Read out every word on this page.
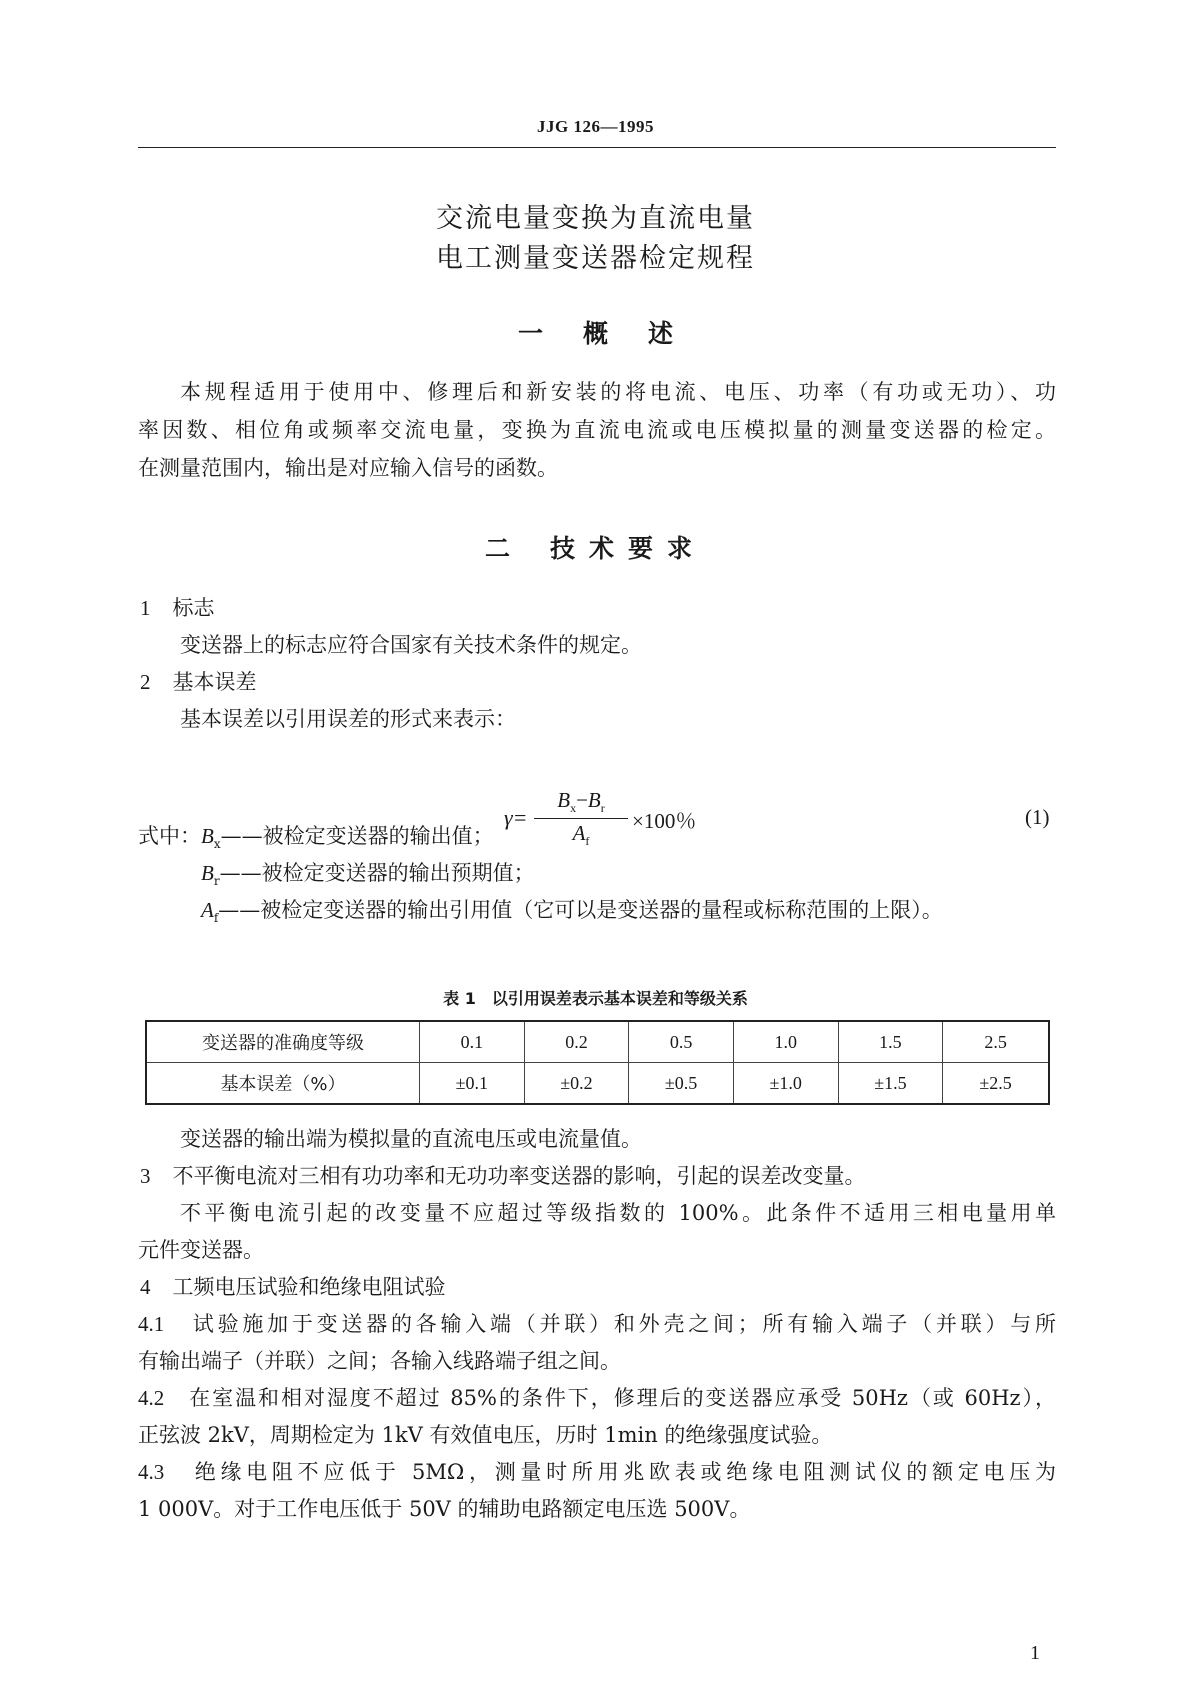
JJG 126—1995
交流电量变换为直流电量
电工测量变送器检定规程
一 概 述
本规程适用于使用中、修理后和新安装的将电流、电压、功率（有功或无功）、功
率因数、相位角或频率交流电量，变换为直流电流或电压模拟量的测量变送器的检定。
在测量范围内，输出是对应输入信号的函数。
二 技术要求
1 标志
变送器上的标志应符合国家有关技术条件的规定。
2 基本误差
基本误差以引用误差的形式来表示：
$\gamma= \frac{B_x-B_r}{A_f} \times 100$％	(1)
式中：$B_x——$被检定变送器的输出值；
$B_r——$被检定变送器的输出预期值；
$A_f——$被检定变送器的输出引用值（它可以是变送器的量程或标称范围的上限）。
表 1　以引用误差表示基本误差和等级关系
变送器的准确度等级	0.1	0.2	0.5	1.0	1.5	2.5
基本误差（%）	±0.1	±0.2	±0.5	±1.0	±1.5	±2.5
变送器的输出端为模拟量的直流电压或电流量值。
3 不平衡电流对三相有功功率和无功功率变送器的影响，引起的误差改变量。
不平衡电流引起的改变量不应超过等级指数的 100%。此条件不适用三相电量用单
元件变送器。
4 工频电压试验和绝缘电阻试验
4.1　 试验施加于变送器的各输入端（并联）和外壳之间；所有输入端子（并联）与所
有输出端子（并联）之间；各输入线路端子组之间。
4.2　 在室温和相对湿度不超过 85%的条件下，修理后的变送器应承受 50Hz（或 60Hz），
正弦波 2kV，周期检定为 1kV 有效值电压，历时 1min 的绝缘强度试验。
4.3　 绝缘电阻不应低于 5MΩ，测量时所用兆欧表或绝缘电阻测试仪的额定电压为
1 000V。对于工作电压低于 50V 的辅助电路额定电压选 500V。
1
